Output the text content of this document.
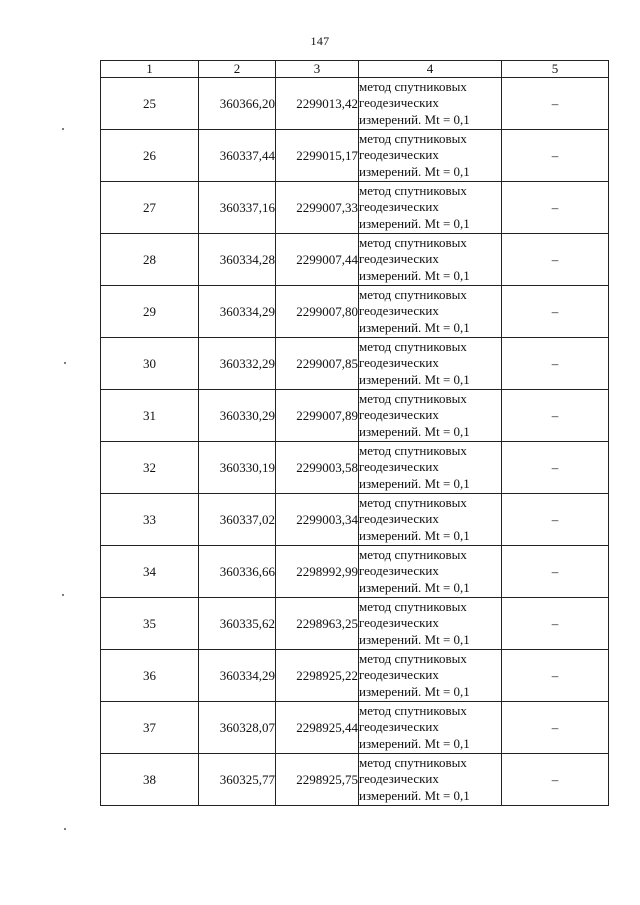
147
1	2	3	4	5
25	360366,20	2299013,42	метод спутниковых
геодезических
измерений. Mt = 0,1	–
26	360337,44	2299015,17	метод спутниковых
геодезических
измерений. Mt = 0,1	–
27	360337,16	2299007,33	метод спутниковых
геодезических
измерений. Mt = 0,1	–
28	360334,28	2299007,44	метод спутниковых
геодезических
измерений. Mt = 0,1	–
29	360334,29	2299007,80	метод спутниковых
геодезических
измерений. Mt = 0,1	–
30	360332,29	2299007,85	метод спутниковых
геодезических
измерений. Mt = 0,1	–
31	360330,29	2299007,89	метод спутниковых
геодезических
измерений. Mt = 0,1	–
32	360330,19	2299003,58	метод спутниковых
геодезических
измерений. Mt = 0,1	–
33	360337,02	2299003,34	метод спутниковых
геодезических
измерений. Mt = 0,1	–
34	360336,66	2298992,99	метод спутниковых
геодезических
измерений. Mt = 0,1	–
35	360335,62	2298963,25	метод спутниковых
геодезических
измерений. Mt = 0,1	–
36	360334,29	2298925,22	метод спутниковых
геодезических
измерений. Mt = 0,1	–
37	360328,07	2298925,44	метод спутниковых
геодезических
измерений. Mt = 0,1	–
38	360325,77	2298925,75	метод спутниковых
геодезических
измерений. Mt = 0,1	–
